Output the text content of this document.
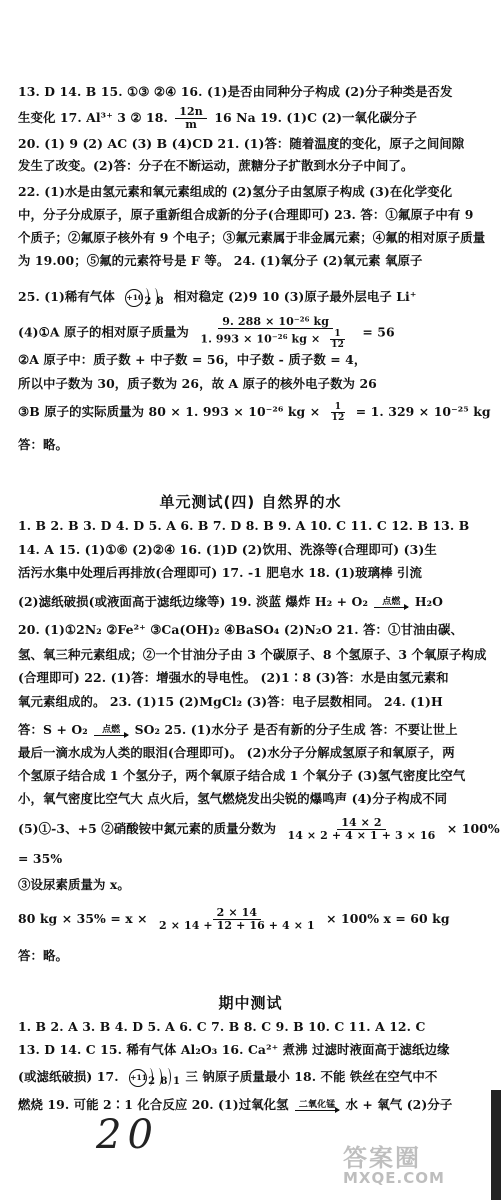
13. D 14. B 15. ①③ ②④ 16. (1)是否由同种分子构成 (2)分子种类是否发
生变化 17. Al³⁺ 3 ② 18. $\frac{12n}{m} 16$ Na 19. (1)C (2)一氧化碳分子
20. (1) 9 (2) AC (3) B (4)CD 21. (1)答：随着温度的变化，原子之间间隙
发生了改变。(2)答：分子在不断运动，蔗糖分子扩散到水分子中间了。
22. (1)水是由氢元素和氧元素组成的 (2)氢分子由氢原子构成 (3)在化学变化
中，分子分成原子，原子重新组合成新的分子(合理即可) 23. 答：①氟原子中有 9
个质子；②氟原子核外有 9 个电子；③氟元素属于非金属元素；④氟的相对原子质量
为 19.00；⑤氟的元素符号是 F 等。 24. (1)氧分子 (2)氧元素 氧原子
25. (1)稀有气体 +10 2 8 相对稳定 (2)9 10 (3)原子最外层电子 Li⁺
(4)①A 原子的相对原子质量为 $\frac{\text{9. 288 × 10⁻²⁶ kg}}{1. 993 \times 10^{-26} kg \times \frac{1}{12}} = 56$
②A 原子中：质子数 + 中子数 = 56，中子数 - 质子数 = 4，
所以中子数为 30，质子数为 26，故 A 原子的核外电子数为 26
③B 原子的实际质量为 80 × 1. 993 × 10⁻²⁶ kg × $\frac{1}{12} = 1$. 329 × 10⁻²⁵ kg
答：略。
单元测试(四) 自然界的水
1. B 2. B 3. D 4. D 5. A 6. B 7. D 8. B 9. A 10. C 11. C 12. B 13. B
14. A 15. (1)①⑥ (2)②④ 16. (1)D (2)饮用、洗涤等(合理即可) (3)生
活污水集中处理后再排放(合理即可) 17. -1 肥皂水 18. (1)玻璃棒 引流
(2)滤纸破损(或液面高于滤纸边缘等) 19. 淡蓝 爆炸 H₂ + O₂ 点燃 H₂O
20. (1)①2N₂ ②Fe²⁺ ③Ca(OH)₂ ④BaSO₄ (2)N₂O 21. 答：①甘油由碳、
氢、氧三种元素组成；②一个甘油分子由 3 个碳原子、8 个氢原子、3 个氧原子构成
(合理即可) 22. (1)答：增强水的导电性。 (2)1∶8 (3)答：水是由氢元素和
氧元素组成的。 23. (1)15 (2)MgCl₂ (3)答：电子层数相同。 24. (1)H
答：S + O₂ 点燃 SO₂ 25. (1)水分子 是否有新的分子生成 答：不要让世上
最后一滴水成为人类的眼泪(合理即可)。 (2)水分子分解成氢原子和氧原子，两
个氢原子结合成 1 个氢分子，两个氧原子结合成 1 个氧分子 (3)氢气密度比空气
小，氧气密度比空气大 点火后，氢气燃烧发出尖锐的爆鸣声 (4)分子构成不同
(5)①-3、+5 ②硝酸铵中氮元素的质量分数为 $\frac{14 \times 2}{14 \times 2 + 4 \times 1 + 3 \times 16} \times 100\%$
= 35%
③设尿素质量为 x。
80 kg × $35\% = x \times \frac{2 \times 14}{2 \times 14 + 12 + 16 + 4 \times 1} \times 100\%$ x = 60 kg
答：略。
期中测试
1. B 2. A 3. B 4. D 5. A 6. C 7. B 8. C 9. B 10. C 11. A 12. C
13. D 14. C 15. 稀有气体 Al₂O₃ 16. Ca²⁺ 煮沸 过滤时液面高于滤纸边缘
(或滤纸破损) 17. +11 2 8 1 三 钠原子质量最小 18. 不能 铁丝在空气中不
燃烧 19. 可能 2∶1 化合反应 20. (1)过氧化氢 二氧化锰 水 + 氧气 (2)分子
20	答案圈
MXQE.COM
